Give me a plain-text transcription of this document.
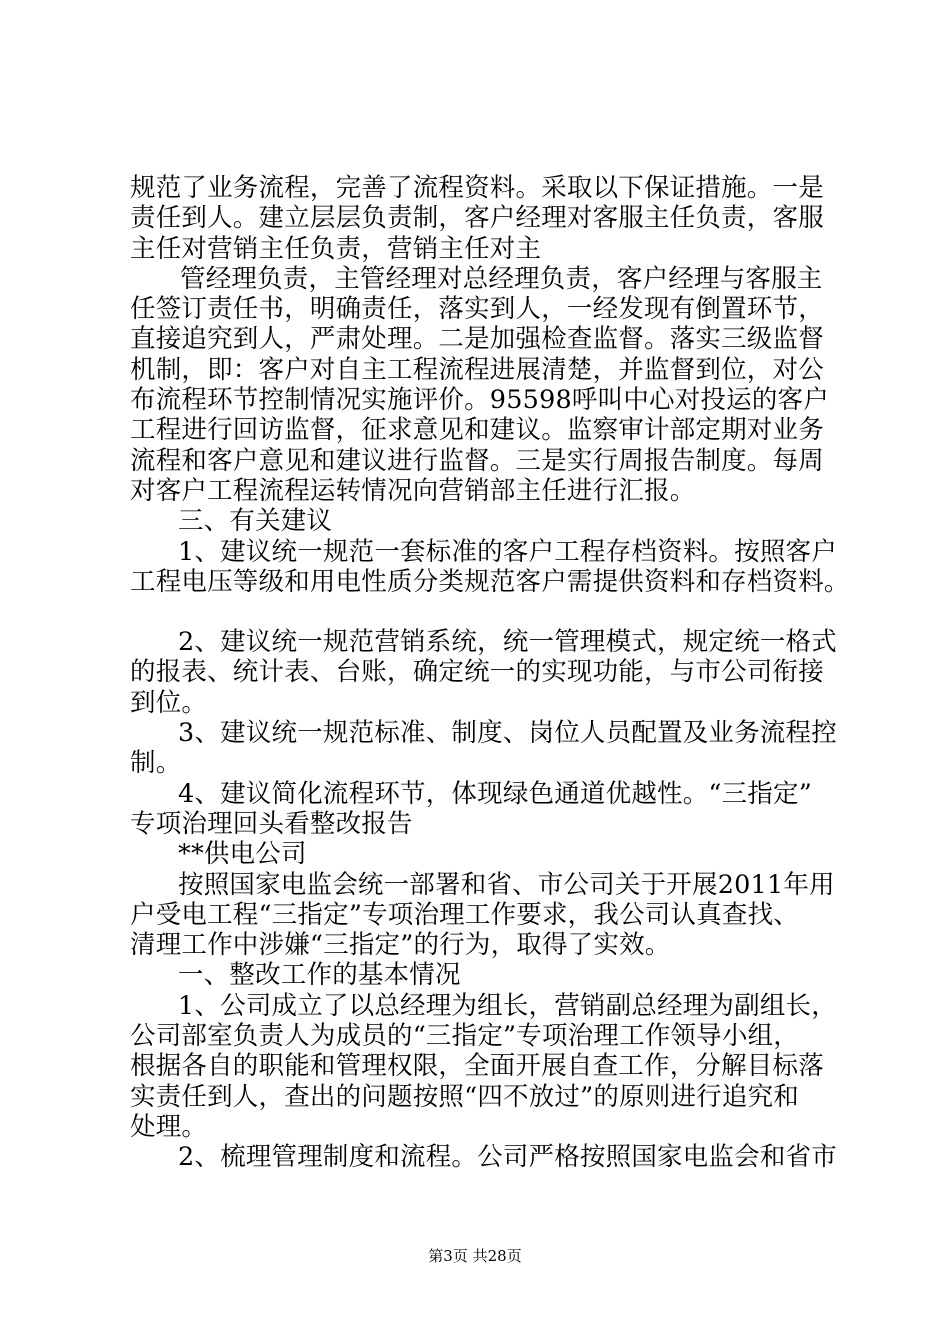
规范了业务流程，完善了流程资料。采取以下保证措施。一是
责任到人。建立层层负责制，客户经理对客服主任负责，客服
主任对营销主任负责，营销主任对主
管经理负责，主管经理对总经理负责，客户经理与客服主
任签订责任书，明确责任，落实到人，一经发现有倒置环节，
直接追究到人，严肃处理。二是加强检查监督。落实三级监督
机制，即：客户对自主工程流程进展清楚，并监督到位，对公
布流程环节控制情况实施评价。95598呼叫中心对投运的客户
工程进行回访监督，征求意见和建议。监察审计部定期对业务
流程和客户意见和建议进行监督。三是实行周报告制度。每周
对客户工程流程运转情况向营销部主任进行汇报。
三、有关建议
1、建议统一规范一套标准的客户工程存档资料。按照客户
工程电压等级和用电性质分类规范客户需提供资料和存档资料。
2、建议统一规范营销系统，统一管理模式，规定统一格式
的报表、统计表、台账，确定统一的实现功能，与市公司衔接
到位。
3、建议统一规范标准、制度、岗位人员配置及业务流程控
制。
4、建议简化流程环节，体现绿色通道优越性。“三指定”
专项治理回头看整改报告
**供电公司
按照国家电监会统一部署和省、市公司关于开展2011年用
户受电工程“三指定”专项治理工作要求，我公司认真查找、
清理工作中涉嫌“三指定”的行为，取得了实效。
一、整改工作的基本情况
1、公司成立了以总经理为组长，营销副总经理为副组长，
公司部室负责人为成员的“三指定”专项治理工作领导小组，
根据各自的职能和管理权限，全面开展自查工作，分解目标落
实责任到人，查出的问题按照“四不放过”的原则进行追究和
处理。
2、梳理管理制度和流程。公司严格按照国家电监会和省市
第3页 共28页
